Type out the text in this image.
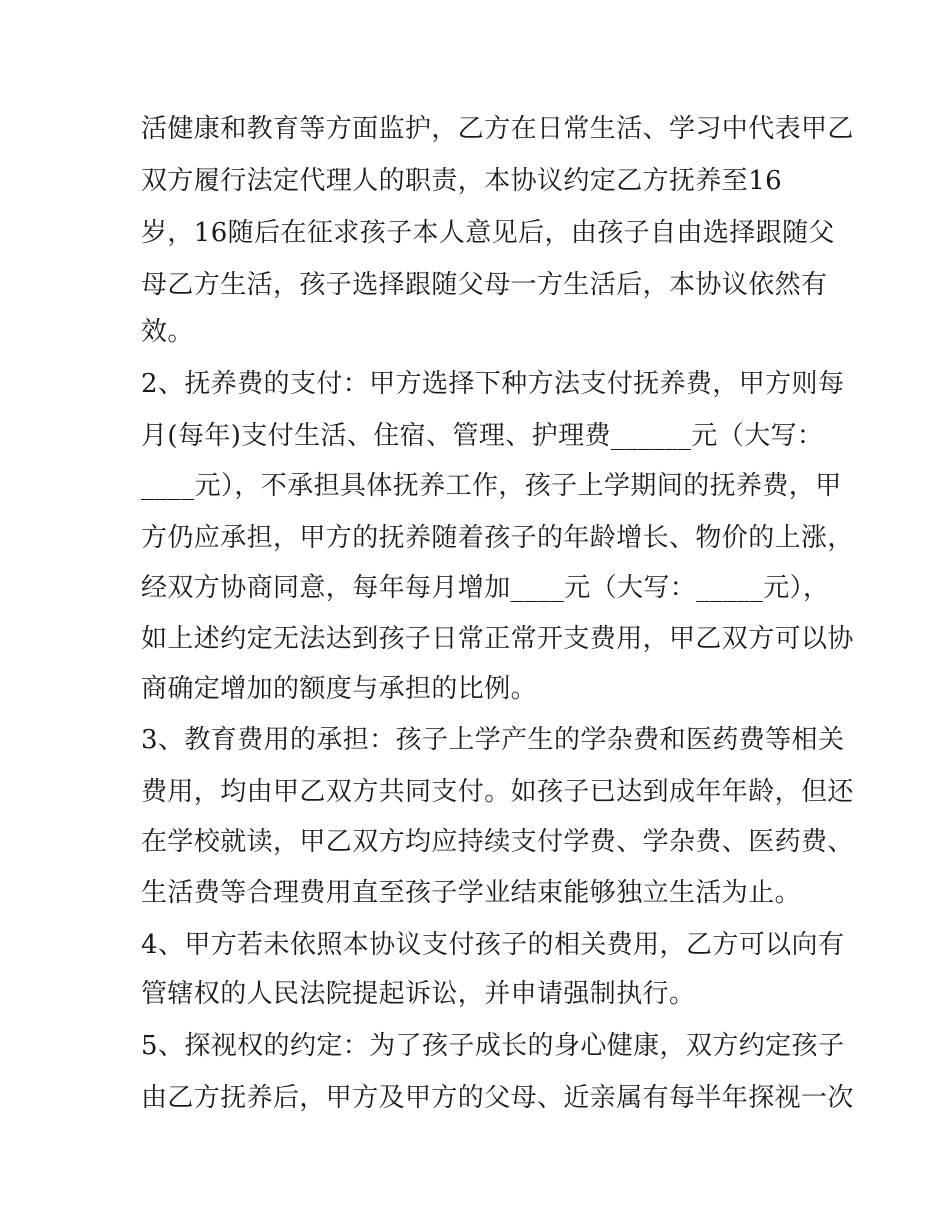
活健康和教育等方面监护，乙方在日常生活、学习中代表甲乙
双方履行法定代理人的职责，本协议约定乙方抚养至16
岁，16随后在征求孩子本人意见后，由孩子自由选择跟随父
母乙方生活，孩子选择跟随父母一方生活后，本协议依然有
效。
2、抚养费的支付：甲方选择下种方法支付抚养费，甲方则每
月(每年)支付生活、住宿、管理、护理费______元（大写：
____元），不承担具体抚养工作，孩子上学期间的抚养费，甲
方仍应承担，甲方的抚养随着孩子的年龄增长、物价的上涨，
经双方协商同意，每年每月增加____元（大写：_____元），
如上述约定无法达到孩子日常正常开支费用，甲乙双方可以协
商确定增加的额度与承担的比例。
3、教育费用的承担：孩子上学产生的学杂费和医药费等相关
费用，均由甲乙双方共同支付。如孩子已达到成年年龄，但还
在学校就读，甲乙双方均应持续支付学费、学杂费、医药费、
生活费等合理费用直至孩子学业结束能够独立生活为止。
4、甲方若未依照本协议支付孩子的相关费用，乙方可以向有
管辖权的人民法院提起诉讼，并申请强制执行。
5、探视权的约定：为了孩子成长的身心健康，双方约定孩子
由乙方抚养后，甲方及甲方的父母、近亲属有每半年探视一次
